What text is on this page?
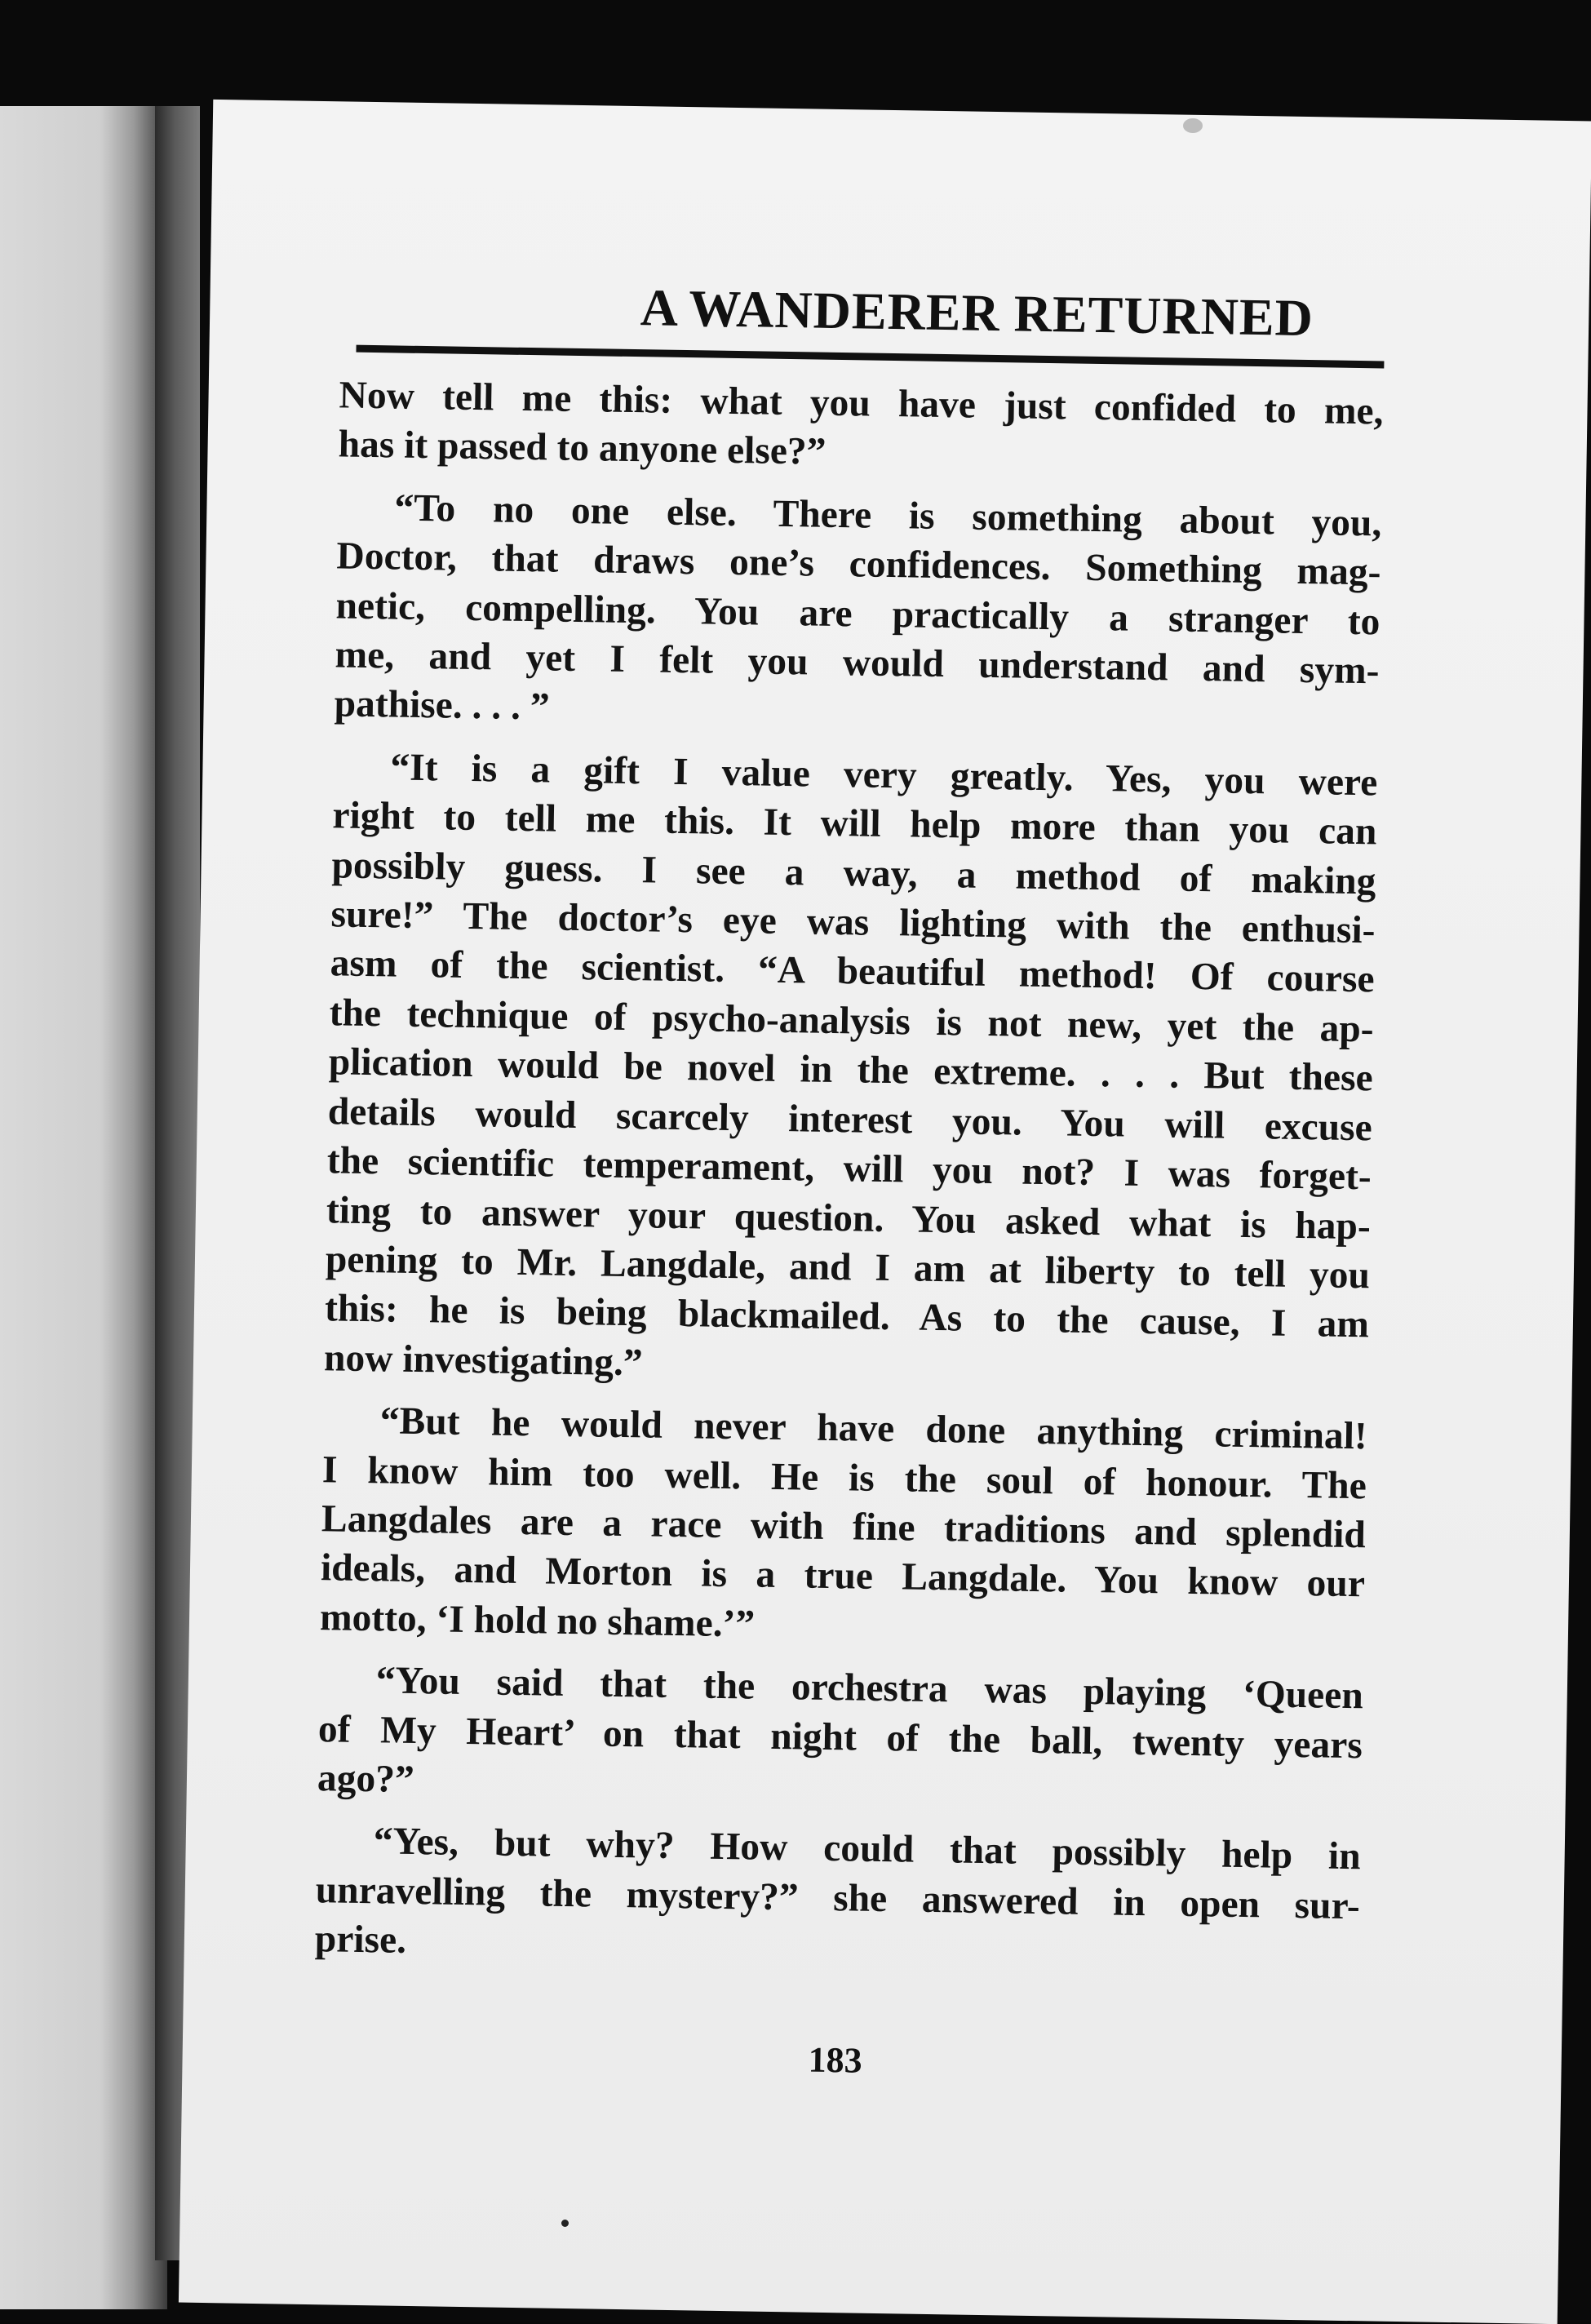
A WANDERER RETURNED
Now tell me this: what you have just confided to me,
has it passed to anyone else?”
“To no one else. There is something about you,
Doctor, that draws one’s confidences. Something mag-
netic, compelling. You are practically a stranger to
me, and yet I felt you would understand and sym-
pathise. . . . ”
“It is a gift I value very greatly. Yes, you were
right to tell me this. It will help more than you can
possibly guess. I see a way, a method of making
sure!” The doctor’s eye was lighting with the enthusi-
asm of the scientist. “A beautiful method! Of course
the technique of psycho-analysis is not new, yet the ap-
plication would be novel in the extreme. . . . But these
details would scarcely interest you. You will excuse
the scientific temperament, will you not? I was forget-
ting to answer your question. You asked what is hap-
pening to Mr. Langdale, and I am at liberty to tell you
this: he is being blackmailed. As to the cause, I am
now investigating.”
“But he would never have done anything criminal!
I know him too well. He is the soul of honour. The
Langdales are a race with fine traditions and splendid
ideals, and Morton is a true Langdale. You know our
motto, ‘I hold no shame.’”
“You said that the orchestra was playing ‘Queen
of My Heart’ on that night of the ball, twenty years
ago?”
“Yes, but why? How could that possibly help in
unravelling the mystery?” she answered in open sur-
prise.
183
